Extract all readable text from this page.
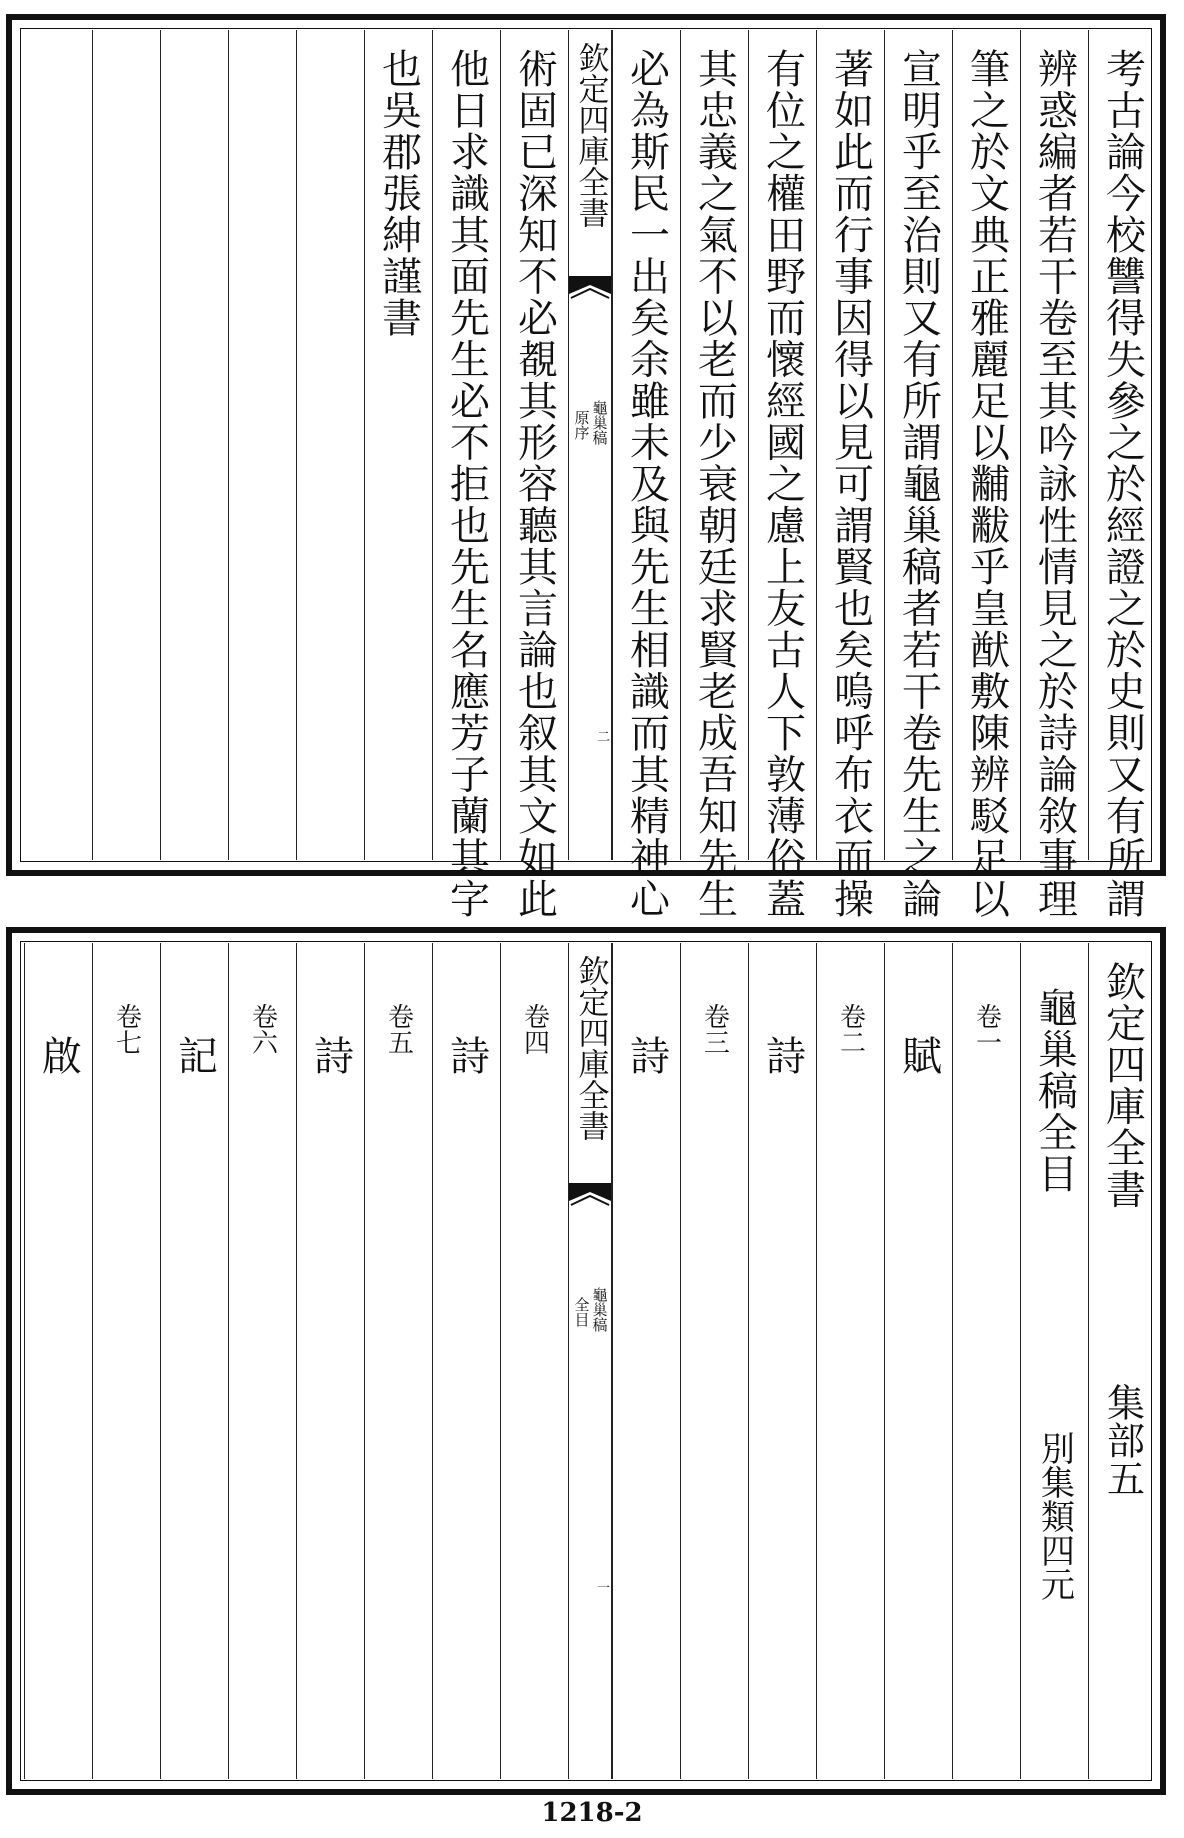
考古論今校讐得失參之於經證之於史則又有所謂
辨惑編者若干卷至其吟詠性情見之於詩論敘事理
筆之於文典正雅麗足以黼黻乎皇猷敷陳辨駁足以
宣明乎至治則又有所謂龜巢稿者若干卷先生之論
著如此而行事因得以見可謂賢也矣嗚呼布衣而操
有位之權田野而懷經國之慮上友古人下敦薄俗蓋
其忠義之氣不以老而少衰朝廷求賢老成吾知先生
必為斯民一出矣余雖未及與先生相識而其精神心
欽定四庫全書
龜巢稿
原序
二
術固已深知不必覩其形容聽其言論也叙其文如此
他日求識其面先生必不拒也先生名應芳子蘭其字
也吳郡張紳謹書
欽定四庫全書
集部五
龜巢稿全目
別集類四元
卷一
賦
卷二
詩
卷三
詩
欽定四庫全書
龜巢稿
全目
一
卷四
詩
卷五
詩
卷六
記
卷七
啟
1218-2
